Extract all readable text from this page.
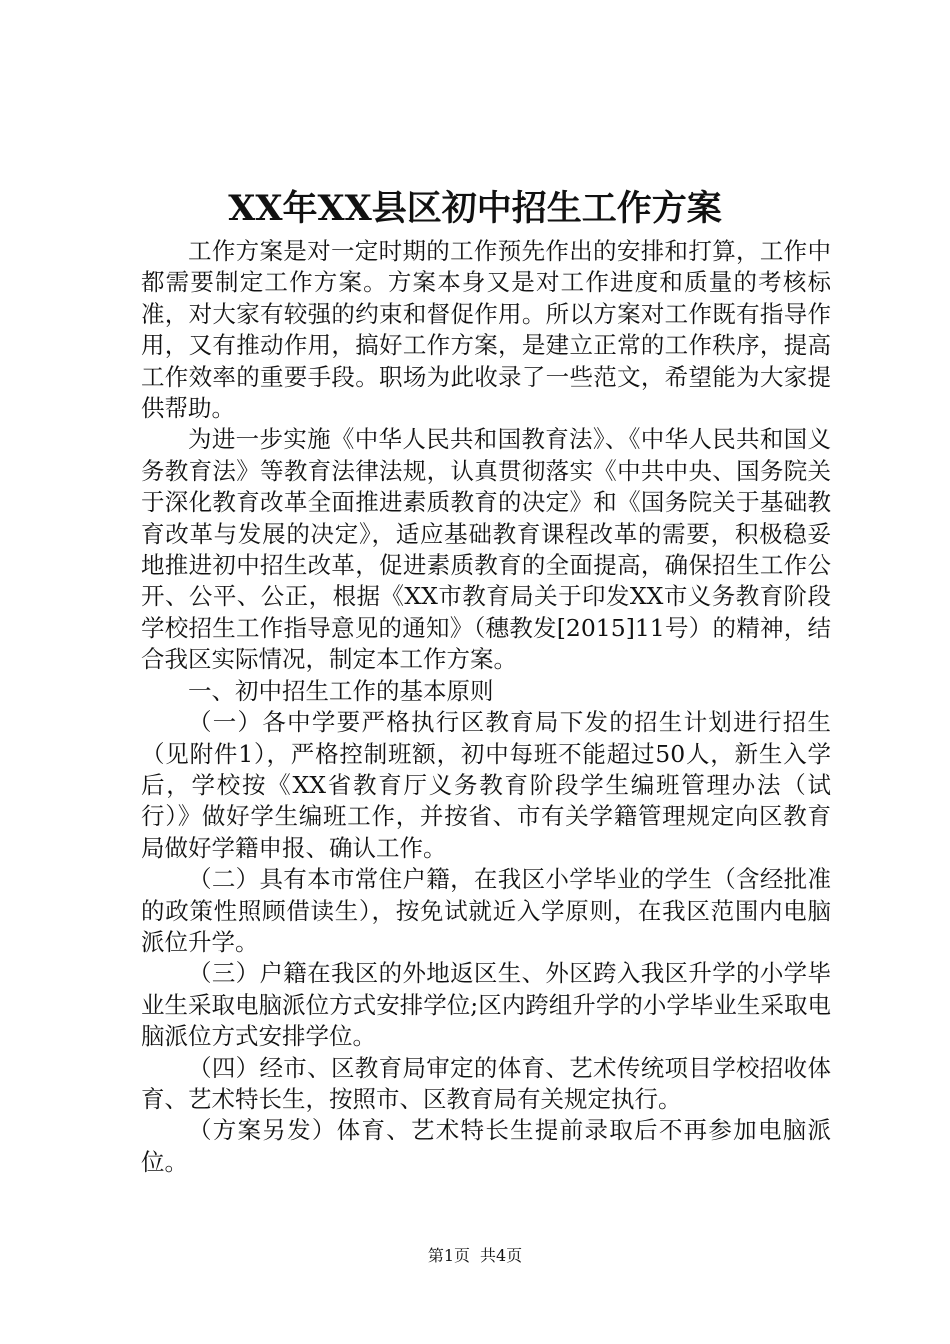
XX年XX县区初中招生工作方案

工作方案是对一定时期的工作预先作出的安排和打算，工作中都需要制定工作方案。方案本身又是对工作进度和质量的考核标准，对大家有较强的约束和督促作用。所以方案对工作既有指导作用，又有推动作用，搞好工作方案，是建立正常的工作秩序，提高工作效率的重要手段。职场为此收录了一些范文，希望能为大家提供帮助。

为进一步实施《中华人民共和国教育法》、《中华人民共和国义务教育法》等教育法律法规，认真贯彻落实《中共中央、国务院关于深化教育改革全面推进素质教育的决定》和《国务院关于基础教育改革与发展的决定》，适应基础教育课程改革的需要，积极稳妥地推进初中招生改革，促进素质教育的全面提高，确保招生工作公开、公平、公正，根据《XX市教育局关于印发XX市义务教育阶段学校招生工作指导意见的通知》（穗教发[2015]11号）的精神，结合我区实际情况，制定本工作方案。

一、初中招生工作的基本原则

（一）各中学要严格执行区教育局下发的招生计划进行招生（见附件1），严格控制班额，初中每班不能超过50人，新生入学后，学校按《XX省教育厅义务教育阶段学生编班管理办法（试行）》做好学生编班工作，并按省、市有关学籍管理规定向区教育局做好学籍申报、确认工作。

（二）具有本市常住户籍，在我区小学毕业的学生（含经批准的政策性照顾借读生），按免试就近入学原则，在我区范围内电脑派位升学。

（三）户籍在我区的外地返区生、外区跨入我区升学的小学毕业生采取电脑派位方式安排学位;区内跨组升学的小学毕业生采取电脑派位方式安排学位。

（四）经市、区教育局审定的体育、艺术传统项目学校招收体育、艺术特长生，按照市、区教育局有关规定执行。

（方案另发）体育、艺术特长生提前录取后不再参加电脑派位。

第1页 共4页
